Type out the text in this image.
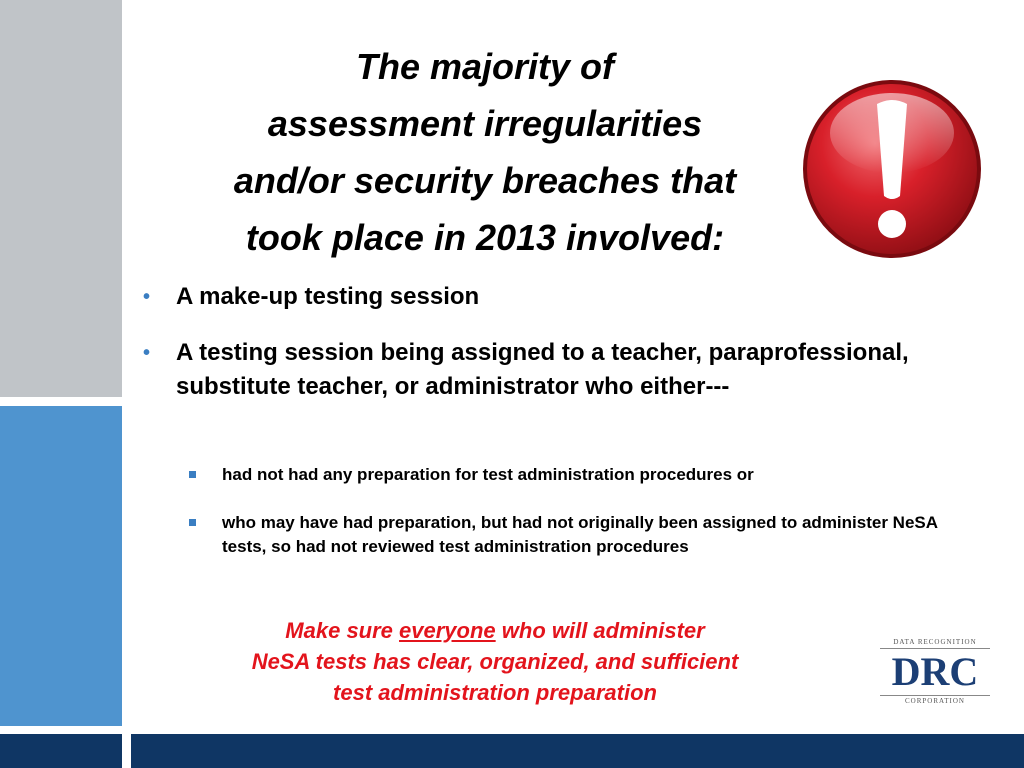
The majority of
assessment irregularities
and/or security breaches that
took place in 2013 involved:
• A make-up testing session
• A testing session being assigned to a teacher, paraprofessional, substitute teacher, or administrator who either---
had not had any preparation for test administration procedures or
who may have had preparation, but had not originally been assigned to administer NeSA tests, so had not reviewed test administration procedures
Make sure everyone who will administer
NeSA tests has clear, organized, and sufficient
test administration preparation
DATA RECOGNITION
DRC
CORPORATION
